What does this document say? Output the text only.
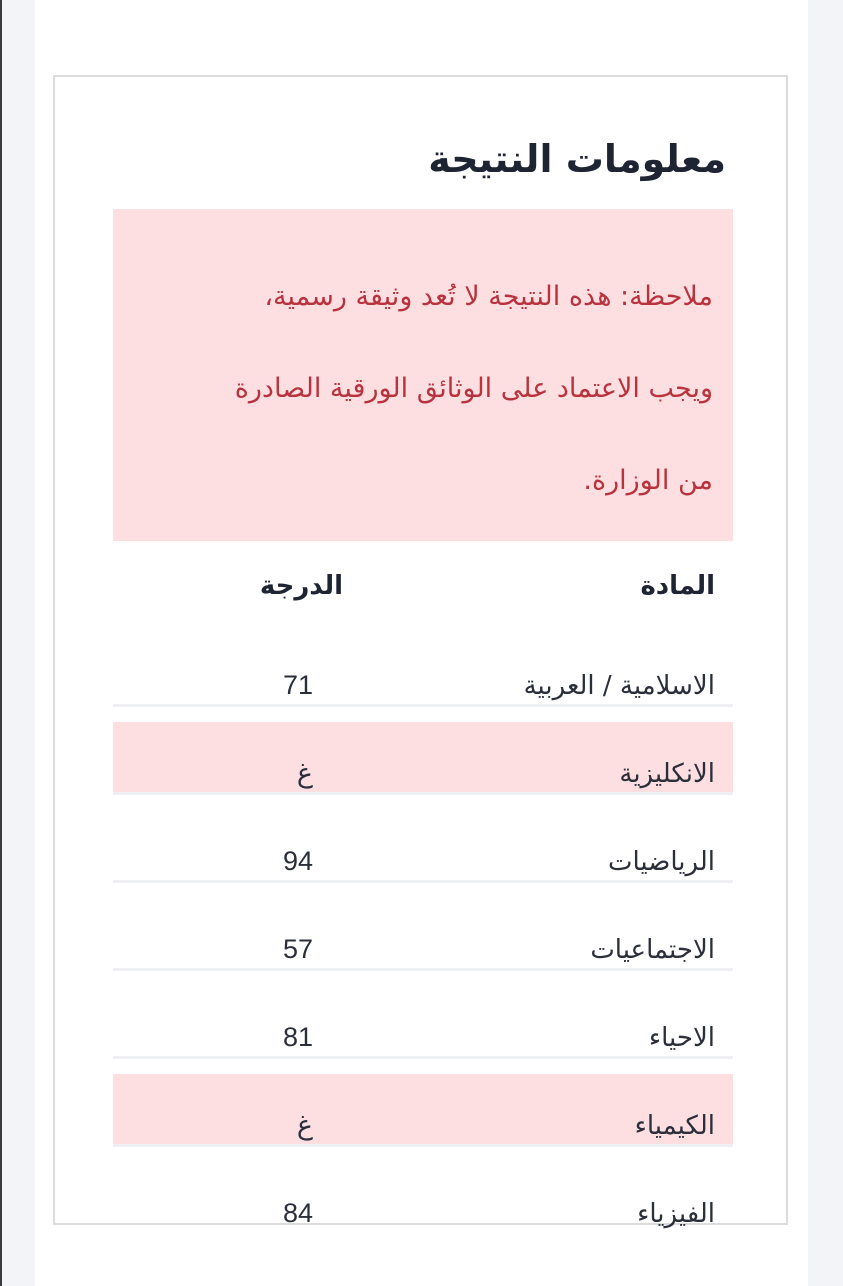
معلومات النتيجة

ملاحظة: هذه النتيجة لا تُعد وثيقة رسمية،

ويجب الاعتماد على الوثائق الورقية الصادرة

من الوزارة.

المادة
الدرجة
الاسلامية / العربية
71
الانكليزية
غ
الرياضيات
94
الاجتماعيات
57
الاحياء
81
الكيمياء
غ
الفيزياء
84
